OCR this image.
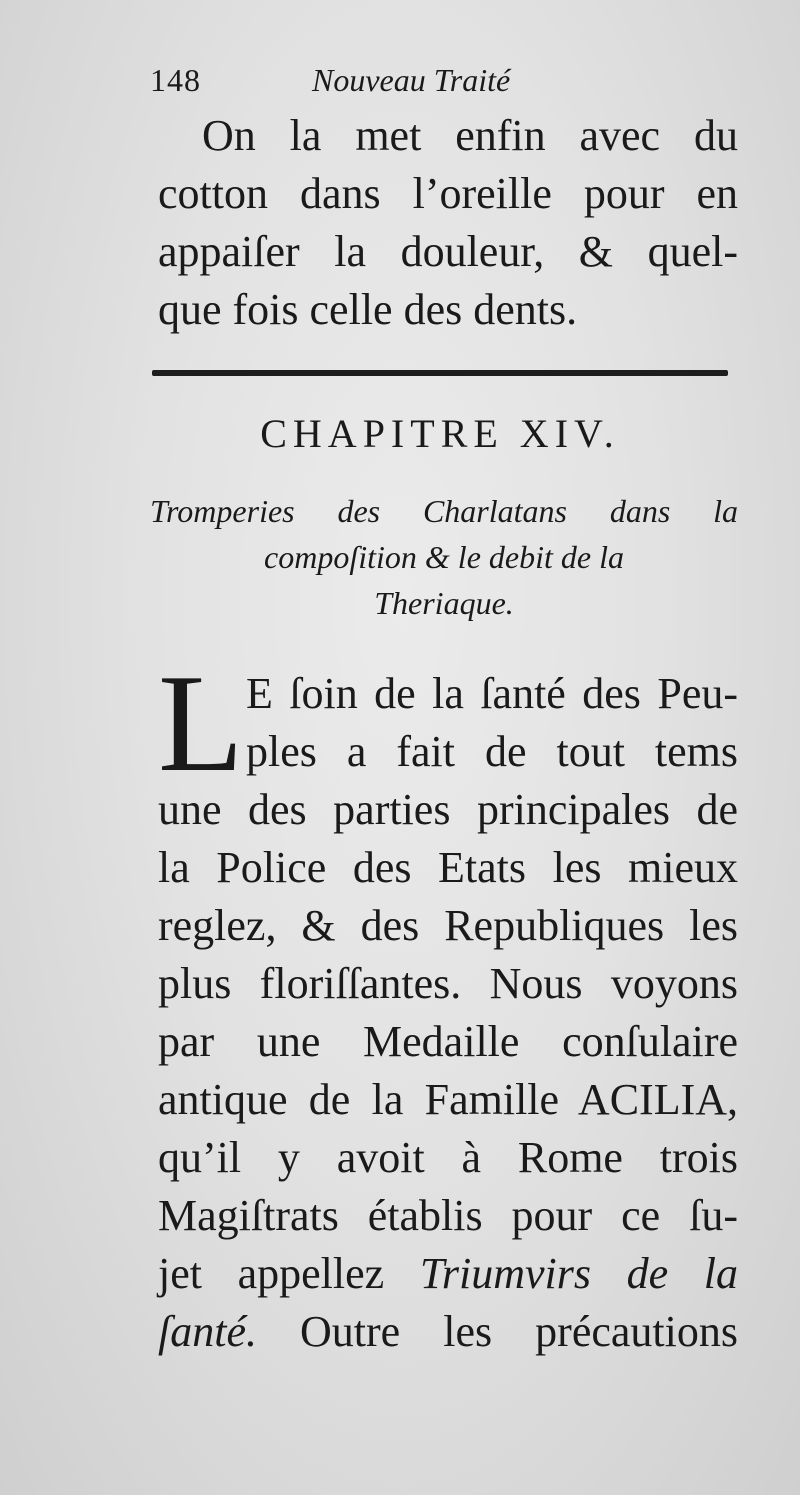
148	Nouveau Traité
On la met enfin avec du
cotton dans l’oreille pour en
appaiſer la douleur, & quel-
que fois celle des dents.
CHAPITRE XIV.
Tromperies des Charlatans dans la
compoſition & le debit de la
Theriaque.
L E ſoin de la ſanté des Peu-
ples a fait de tout tems
une des parties principales de
la Police des Etats les mieux
reglez, & des Republiques les
plus floriſſantes. Nous voyons
par une Medaille conſulaire
antique de la Famille ACILIA,
qu’il y avoit à Rome trois
Magiſtrats établis pour ce ſu-
jet appellez Triumvirs de la
ſanté. Outre les précautions
